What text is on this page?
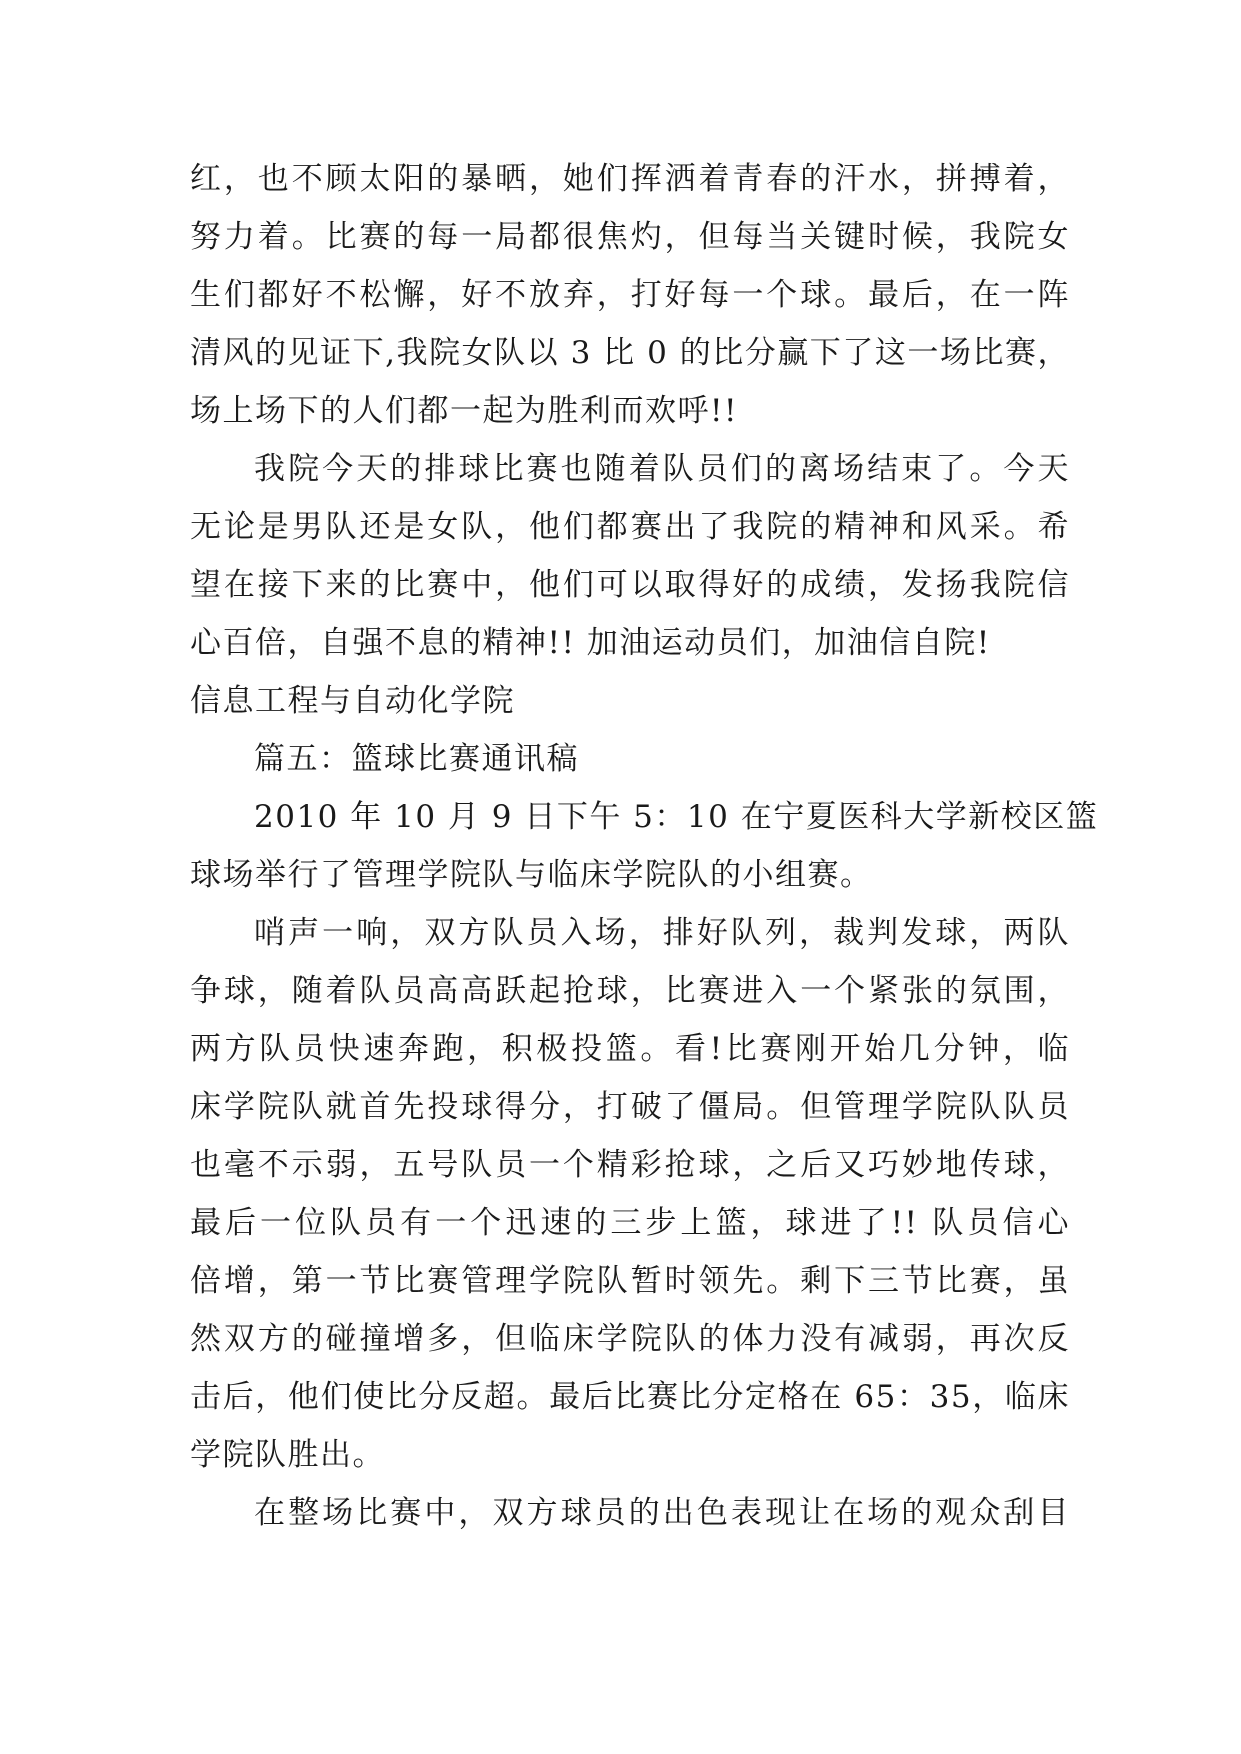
红，也不顾太阳的暴晒，她们挥洒着青春的汗水，拼搏着，
努力着。比赛的每一局都很焦灼，但每当关键时候，我院女
生们都好不松懈，好不放弃，打好每一个球。最后，在一阵
清风的见证下,我院女队以 3 比 0 的比分赢下了这一场比赛，
场上场下的人们都一起为胜利而欢呼!!
我院今天的排球比赛也随着队员们的离场结束了。今天
无论是男队还是女队，他们都赛出了我院的精神和风采。希
望在接下来的比赛中，他们可以取得好的成绩，发扬我院信
心百倍，自强不息的精神!! 加油运动员们，加油信自院!
信息工程与自动化学院
篇五：篮球比赛通讯稿
2010 年 10 月 9 日下午 5：10 在宁夏医科大学新校区篮
球场举行了管理学院队与临床学院队的小组赛。
哨声一响，双方队员入场，排好队列，裁判发球，两队
争球，随着队员高高跃起抢球，比赛进入一个紧张的氛围，
两方队员快速奔跑，积极投篮。看!比赛刚开始几分钟，临
床学院队就首先投球得分，打破了僵局。但管理学院队队员
也毫不示弱，五号队员一个精彩抢球，之后又巧妙地传球，
最后一位队员有一个迅速的三步上篮，球进了!! 队员信心
倍增，第一节比赛管理学院队暂时领先。剩下三节比赛，虽
然双方的碰撞增多，但临床学院队的体力没有减弱，再次反
击后，他们使比分反超。最后比赛比分定格在 65：35，临床
学院队胜出。
在整场比赛中，双方球员的出色表现让在场的观众刮目
